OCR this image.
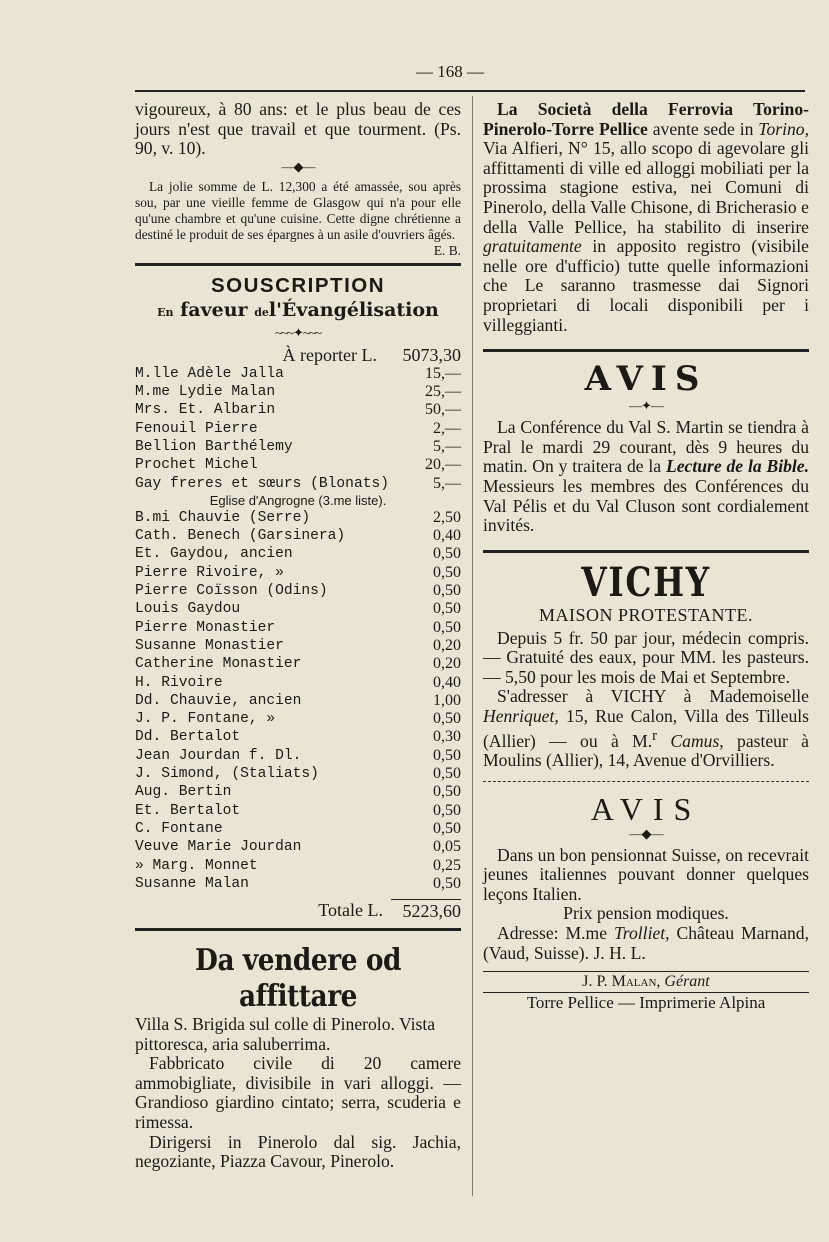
— 168 —

vigoureux, à 80 ans: et le plus beau de ces jours n'est que travail et que tourment. (Ps. 90, v. 10).

—◆—

La jolie somme de L. 12,300 a été amassée, sou après sou, par une vieille femme de Glasgow qui n'a pour elle qu'une chambre et qu'une cuisine. Cette digne chrétienne a destiné le produit de ses épargnes à un asile d'ouvriers âgés.

E. B.
SOUSCRIPTION
En faveur del'Évangélisation
~~~✦~~~
À reporter L.	5073,30
M.lle Adèle Jalla	15,—
M.me Lydie Malan	25,—
Mrs. Et. Albarin	50,—
Fenouil Pierre	2,—
Bellion Barthélemy	5,—
Prochet Michel	20,—
Gay freres et sœurs (Blonats)	5,—
Eglise d'Angrogne (3.me liste).
B.mi Chauvie (Serre)	2,50
Cath. Benech (Garsinera)	0,40
Et. Gaydou, ancien	0,50
Pierre Rivoire, »	0,50
Pierre Coïsson (Odins)	0,50
Louis Gaydou	0,50
Pierre Monastier	0,50
Susanne Monastier	0,20
Catherine Monastier	0,20
H. Rivoire	0,40
Dd. Chauvie, ancien	1,00
J. P. Fontane, »	0,50
Dd. Bertalot	0,30
Jean Jourdan f. Dl.	0,50
J. Simond, (Staliats)	0,50
Aug. Bertin	0,50
Et. Bertalot	0,50
C. Fontane	0,50
Veuve Marie Jourdan	0,05
» Marg. Monnet	0,25
Susanne Malan	0,50
Totale L.	5223,60
Da vendere od affittare

Villa S. Brigida sul colle di Pinerolo. Vista pittoresca, aria saluberrima.

Fabbricato civile di 20 camere ammobigliate, divisibile in vari alloggi. — Grandioso giardino cintato; serra, scuderia e rimessa.

Dirigersi in Pinerolo dal sig. Jachia, negoziante, Piazza Cavour, Pinerolo.

La Società della Ferrovia Torino-Pinerolo-Torre Pellice avente sede in Torino, Via Alfieri, N° 15, allo scopo di agevolare gli affittamenti di ville ed alloggi mobiliati per la prossima stagione estiva, nei Comuni di Pinerolo, della Valle Chisone, di Bricherasio e della Valle Pellice, ha stabilito di inserire gratuitamente in apposito registro (visibile nelle ore d'ufficio) tutte quelle informazioni che Le saranno trasmesse dai Signori proprietari di locali disponibili per i villeggianti.

AVIS
—✦—

La Conférence du Val S. Martin se tiendra à Pral le mardi 29 courant, dès 9 heures du matin. On y traitera de la Lecture de la Bible. Messieurs les membres des Conférences du Val Pélis et du Val Cluson sont cordialement invités.

VICHY
MAISON PROTESTANTE.

Depuis 5 fr. 50 par jour, médecin compris. — Gratuité des eaux, pour MM. les pasteurs. — 5,50 pour les mois de Mai et Septembre.

S'adresser à VICHY à Mademoiselle Henriquet, 15, Rue Calon, Villa des Tilleuls (Allier) — ou à M.$^r$ Camus, pasteur à Moulins (Allier), 14, Avenue d'Orvilliers.

AVIS
—◆—

Dans un bon pensionnat Suisse, on recevrait jeunes italiennes pouvant donner quelques leçons Italien.

Prix pension modiques.

Adresse: M.me Trolliet, Château Marnand, (Vaud, Suisse). J. H. L.

J. P. Malan, Gérant
Torre Pellice — Imprimerie Alpina
